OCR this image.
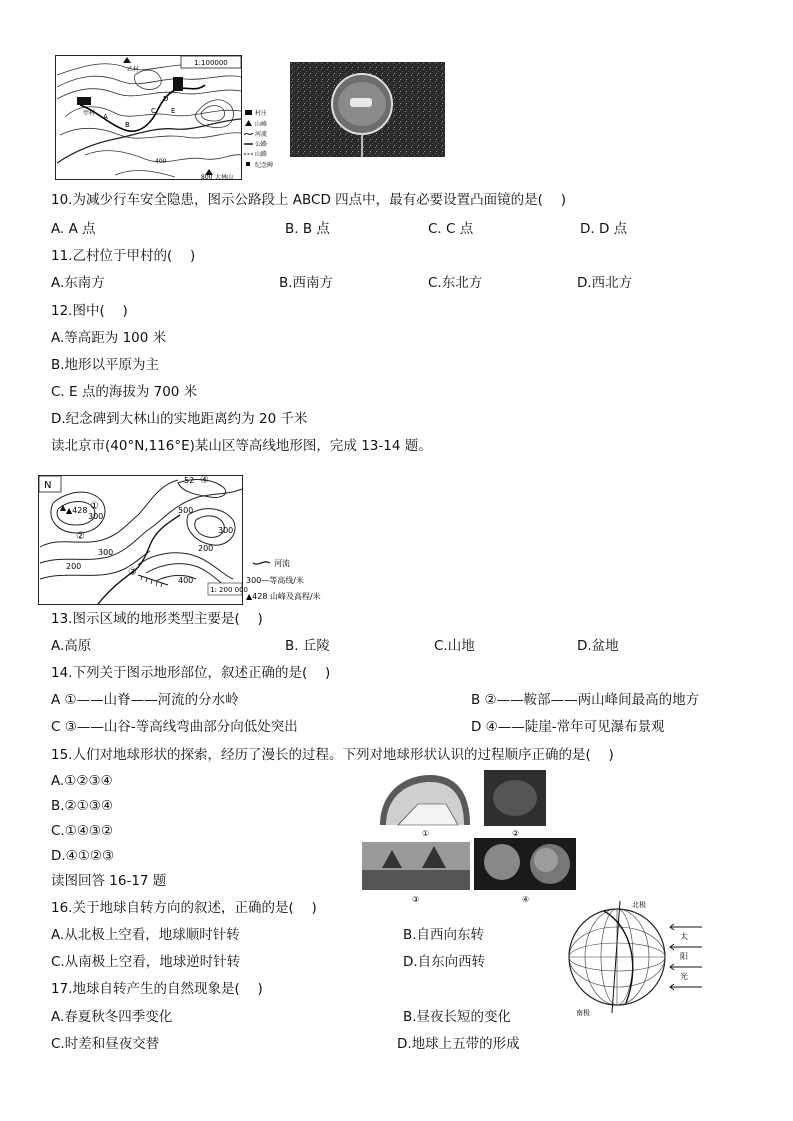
1:100000
乙村
甲村 A
B
C
D
E
400
800 大林山
村庄
山峰
河流
公路
山路
纪念碑
10.为减少行车安全隐患，图示公路段上 ABCD 四点中，最有必要设置凸面镜的是(　 )
A. A 点	B. B 点	C. C 点	D. D 点
11.乙村位于甲村的(　 )
A.东南方	B.西南方	C.东北方	D.西北方
12.图中(　 )
A.等高距为 100 米
B.地形以平原为主
C. E 点的海拔为 700 米
D.纪念碑到大林山的实地距离约为 20 千米
读北京市(40°N,116°E)某山区等高线地形图，完成 13-14 题。
N
▲428
300
500
300
200
200
300
400
52
①
②
③
④
河流
300—等高线/米
▲428 山峰及高程/米
1: 200 000
13.图示区域的地形类型主要是(　 )
A.高原	B. 丘陵	C.山地	D.盆地
14.下列关于图示地形部位，叙述正确的是(　 )
A ①——山脊——河流的分水岭	B ②——鞍部——两山峰间最高的地方
C ③——山谷-等高线弯曲部分向低处突出	D ④——陡崖-常年可见瀑布景观
15.人们对地球形状的探索，经历了漫长的过程。下列对地球形状认识的过程顺序正确的是(　 )
A.①②③④
B.②①③④
C.①④③②
D.④①②③
①	②
③	④
读图回答 16-17 题
16.关于地球自转方向的叙述，正确的是(　 )
A.从北极上空看，地球顺时针转	B.自西向东转
C.从南极上空看，地球逆时针转	D.自东向西转
17.地球自转产生的自然现象是(　 )
A.春夏秋冬四季变化	B.昼夜长短的变化
C.时差和昼夜交替	D.地球上五带的形成
北极
南极
太
阳
光
